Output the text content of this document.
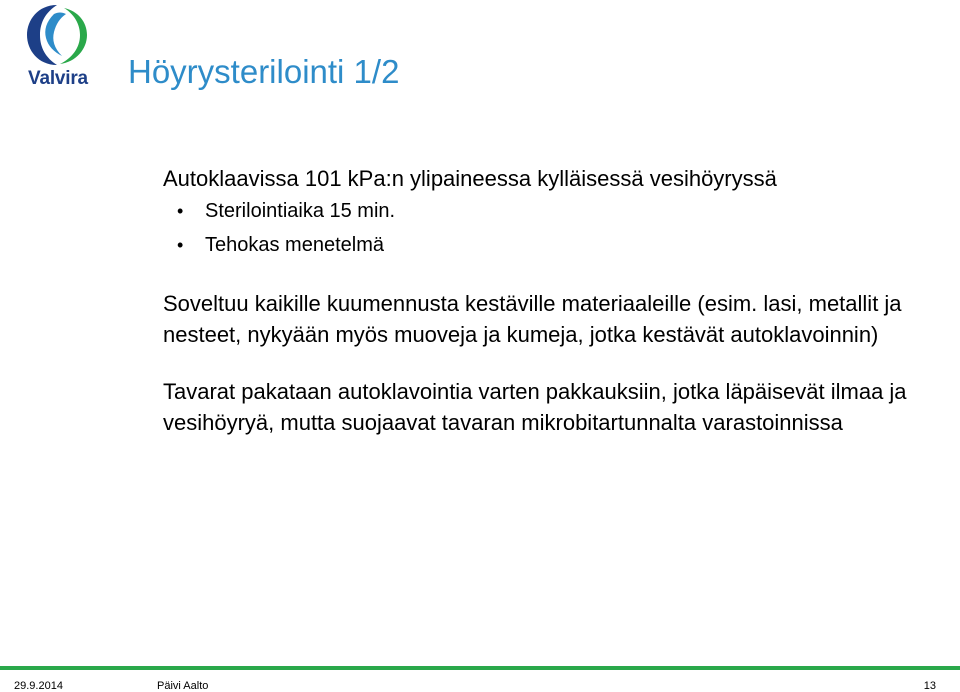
Valvira Höyrysterilointi 1/2

Autoklaavissa 101 kPa:n ylipaineessa kylläisessä vesihöyryssä

• Sterilointiaika 15 min.
• Tehokas menetelmä

Soveltuu kaikille kuumennusta kestäville materiaaleille (esim. lasi, metallit ja nesteet, nykyään myös muoveja ja kumeja, jotka kestävät autoklavoinnin)

Tavarat pakataan autoklavointia varten pakkauksiin, jotka läpäisevät ilmaa ja vesihöyryä, mutta suojaavat tavaran mikrobitartunnalta varastoinnissa

29.9.2014	Päivi Aalto	13
